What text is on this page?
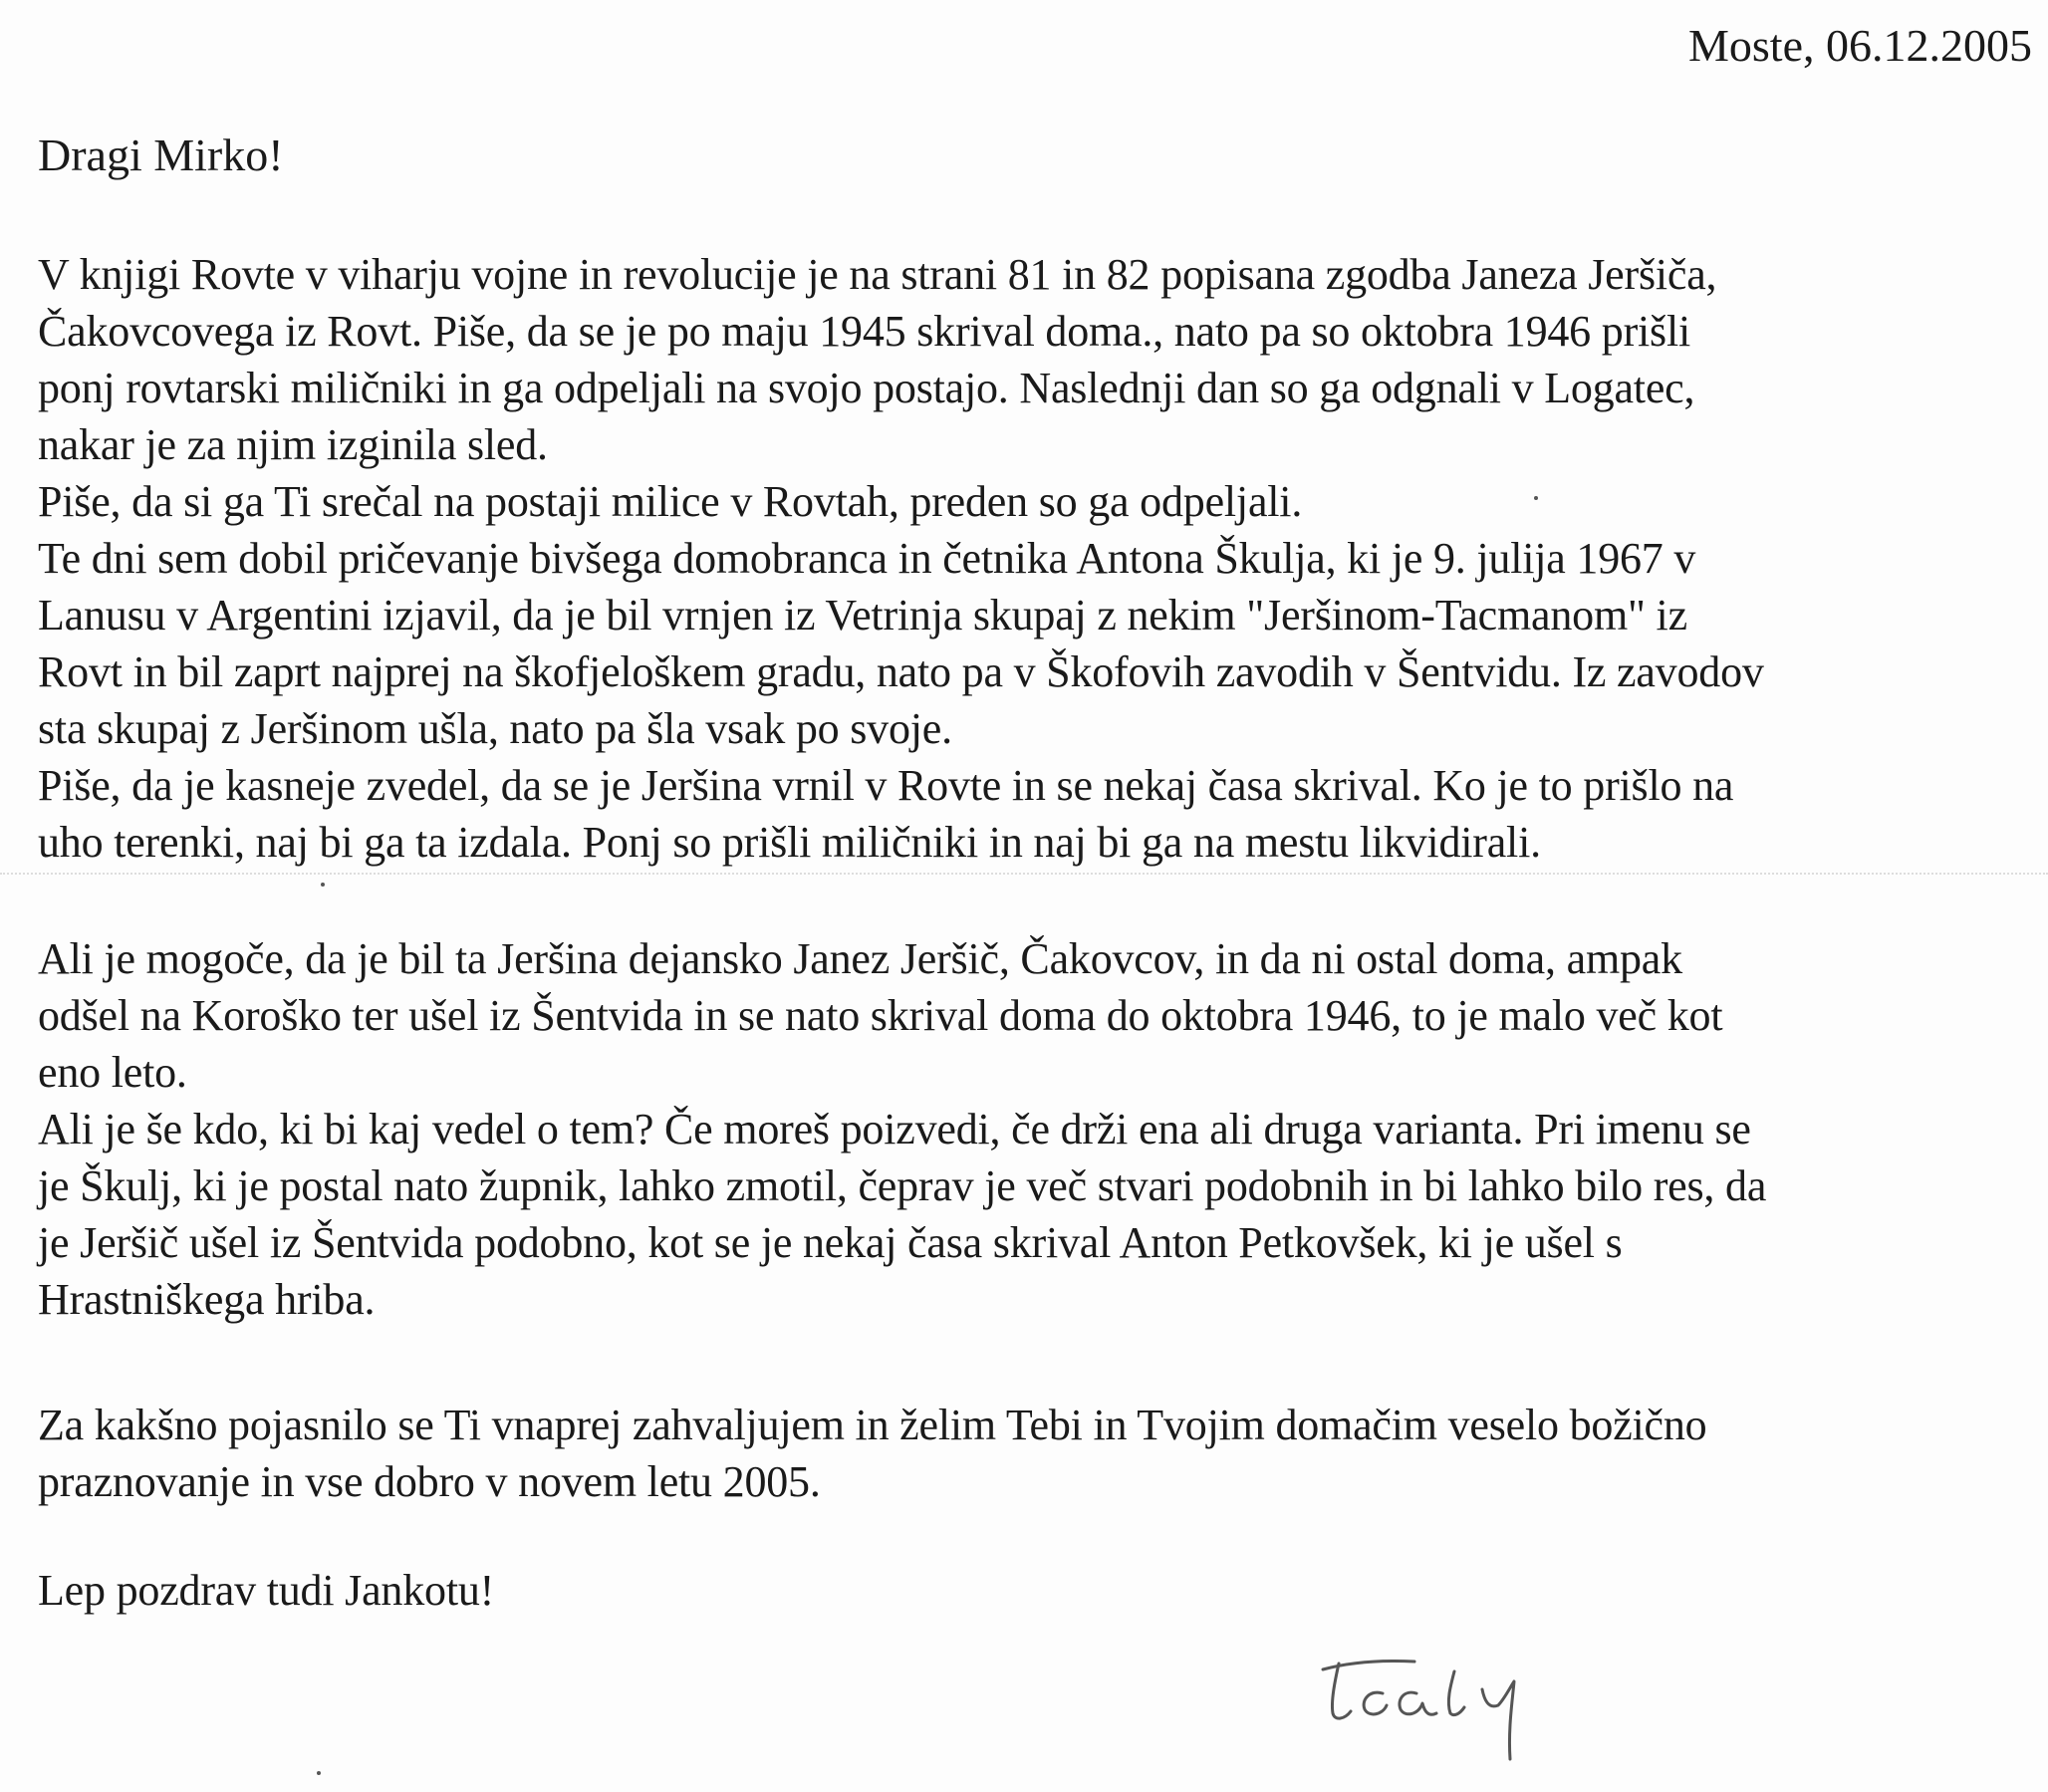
Moste, 06.12.2005
Dragi Mirko!
V knjigi Rovte v viharju vojne in revolucije je na strani 81 in 82 popisana zgodba Janeza Jeršiča,
Čakovcovega iz Rovt. Piše, da se je po maju 1945 skrival doma., nato pa so oktobra 1946 prišli
ponj rovtarski miličniki in ga odpeljali na svojo postajo. Naslednji dan so ga odgnali v Logatec,
nakar je za njim izginila sled.
Piše, da si ga Ti srečal na postaji milice v Rovtah, preden so ga odpeljali.
Te dni sem dobil pričevanje bivšega domobranca in četnika Antona Škulja, ki je 9. julija 1967 v
Lanusu v Argentini izjavil, da je bil vrnjen iz Vetrinja skupaj z nekim "Jeršinom-Tacmanom" iz
Rovt in bil zaprt najprej na škofjeloškem gradu, nato pa v Škofovih zavodih v Šentvidu. Iz zavodov
sta skupaj z Jeršinom ušla, nato pa šla vsak po svoje.
Piše, da je kasneje zvedel, da se je Jeršina vrnil v Rovte in se nekaj časa skrival. Ko je to prišlo na
uho terenki, naj bi ga ta izdala. Ponj so prišli miličniki in naj bi ga na mestu likvidirali.
Ali je mogoče, da je bil ta Jeršina dejansko Janez Jeršič, Čakovcov, in da ni ostal doma, ampak
odšel na Koroško ter ušel iz Šentvida in se nato skrival doma do oktobra 1946, to je malo več kot
eno leto.
Ali je še kdo, ki bi kaj vedel o tem? Če moreš poizvedi, če drži ena ali druga varianta. Pri imenu se
je Škulj, ki je postal nato župnik, lahko zmotil, čeprav je več stvari podobnih in bi lahko bilo res, da
je Jeršič ušel iz Šentvida podobno, kot se je nekaj časa skrival Anton Petkovšek, ki je ušel s
Hrastniškega hriba.
Za kakšno pojasnilo se Ti vnaprej zahvaljujem in želim Tebi in Tvojim domačim veselo božično
praznovanje in vse dobro v novem letu 2005.
Lep pozdrav tudi Jankotu!
